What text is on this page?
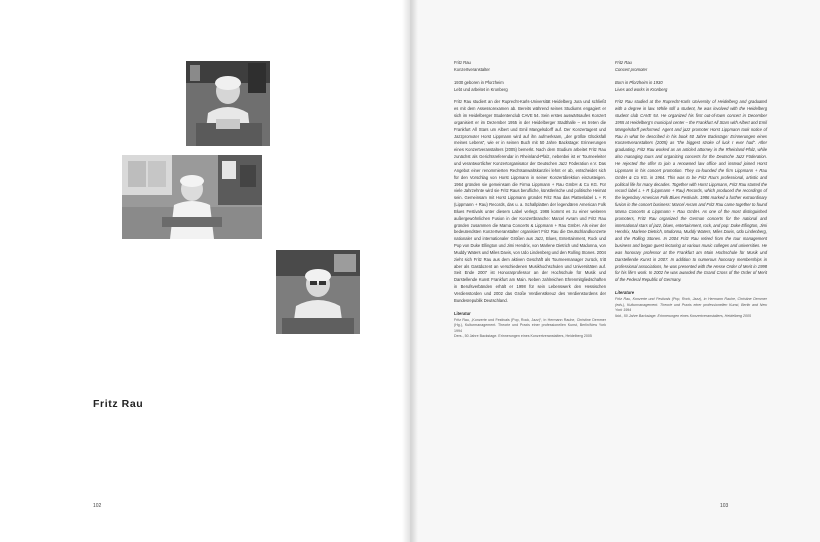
Fritz Rau
102

Fritz Rau

Konzertveranstalter

1930 geboren in Pforzheim

Lebt und arbeitet in Kronberg

Fritz Rau studiert an der Ruprecht-Karls-Universität Heidelberg Jura und schließt es mit dem Assessorexamen ab. Bereits während seines Studiums engagiert er sich im Heidelberger Studentenclub CAVE 54. Sein erstes auswärtsaufes Konzert organisiert er im Dezember 1955 in der Heidelberger Stadthalle – es treten die Frankfurt All Stars um Albert und Emil Mangelsdorff auf. Der Konzertagent und Jazzpromoter Horst Lippmann wird auf ihn aufmerksam, „der größte Glücksfall meines Lebens“, wie er in seinen Buch mit 50 Jahre Backstage: Erinnerungen eines Konzertveranstalters (2005) bemerkt. Nach dem Studium arbeitet Fritz Rau zunächst als Gerichtsreferendar in Rheinland-Pfalz, nebenbei ist er Tourneeleiter und verantwortlicher Konzertorganisator der Deutschen Jazz Föderation e.V. Das Angebot einer renommierten Rechtsanwaltskanzlei lehnt er ab, entscheidet sich für den Vorschlag von Horst Lippmann in seiner Konzertdirektion einzusteigen. 1964 gründen sie gemeinsam die Firma Lippmann + Rau GmbH & Co KG. Für viele Jahrzehnte wird sie Fritz Raus berufliche, künstlerische und politische Heimat sein. Gemeinsam mit Horst Lippmann gründet Fritz Rau das Plattenlabel L + R (Lippmann + Rau) Records, das u. a. Schallplatten der legendären American Folk Blues Festivals unter diesem Label verlegt. 1986 kommt es zu einer weiteren außergewöhnlichen Fusion in der Konzertbranche: Marcel Avram und Fritz Rau gründen zusammen die Mama Concerts & Lippmann + Rau GmbH. Als einer der bedeutendsten Konzertveranstalter organisiert Fritz Rau die Deutschlandkonzerte nationaler und internationaler Größen aus Jazz, Blues, Entertainment, Rock und Pop von Duke Ellington und Jimi Hendrix, von Marlene Dietrich und Madonna, von Muddy Waters und Miles Davis, von Udo Lindenberg und den Rolling Stones. 2004 zieht sich Fritz Rau aus dem aktiven Geschäft als Tourneemanager zurück, tritt aber als Gastdozent an verschiedenen Musikhochschulen und Universitäten auf. Seit Ende 2007 ist Honorarprofessor an der Hochschule für Musik und Darstellende Kunst Frankfurt am Main. Neben zahlreichen Ehrenmitgliedschaften in Berufsverbänden erhält er 1998 für sein Lebenswerk den Hessischen Verdienstorden und 2002 das Große Verdienstkreuz des Verdienstordens der Bundesrepublik Deutschland.

Literatur

Fritz Rau, „Konzerte und Festivals (Pop, Rock, Jazz)“, in Hermann Rauhe, Christine Demmer (Hg.), Kulturmanagement. Theorie und Praxis einer professionellen Kunst, Berlin/New York 1994

Ders., 50 Jahre Backstage. Erinnerungen eines Konzertveranstalters, Heidelberg 2005

Fritz Rau

Concert promoter

Born in Pforzheim in 1930

Lives and works in Kronberg

Fritz Rau studied at the Ruprecht-Karls University of Heidelberg and graduated with a degree in law. While still a student, he was involved with the Heidelberg student club CAVE 54. He organized his first out-of-town concert in December 1955 at Heidelberg’s municipal center – the Frankfurt All Stars with Albert and Emil Mangelsdorff performed. Agent and jazz promoter Horst Lippmann took notice of Rau in what he described in his book 50 Jahre Backstage: Erinnerungen eines Konzertveranstalters (2005) as “the biggest stroke of luck I ever had”. After graduating, Fritz Rau worked as an articled attorney in the Rheinland-Pfalz, while also managing tours and organizing concerts for the Deutsche Jazz Föderation. He rejected the offer to join a renowned law office and instead joined Horst Lippmann in his concert promotion. They co-founded the firm Lippmann + Rau GmbH & Co KG. in 1964. This was to be Fritz Rau’s professional, artistic and political life for many decades. Together with Horst Lippmann, Fritz Rau started the record label L + R (Lippmann + Rau) Records, which produced the recordings of the legendary American Folk Blues Festivals. 1986 marked a further extraordinary fusion in the concert business: Marcel Avram and Fritz Rau came together to found Mama Concerts & Lippmann + Rau GmbH. As one of the most distinguished promoters, Fritz Rau organized the German concerts for the national and international stars of jazz, blues, entertainment, rock, and pop: Duke Ellington, Jimi Hendrix, Marlene Dietrich, Madonna, Muddy Waters, Miles Davis, Udo Lindenberg, and the Rolling Stones. In 2004 Fritz Rau retired from the tour management business and began guest lecturing at various music colleges and universities. He was honorary professor at the Frankfurt am Main Hochschule für Musik und Darstellende Kunst in 2007. In addition to numerous honorary memberships in professional associations, he was presented with the Hesse Order of Merit in 1998 for his life’s work. In 2002 he was awarded the Grand Cross of the Order of Merit of the Federal Republic of Germany.

Literature

Fritz Rau, Konzerte und Festivals (Pop, Rock, Jazz), in Hermann Rauhe, Christine Demmer (eds.), Kulturmanagement. Theorie und Praxis einer professionellen Kunst, Berlin and New York 1994

Ibid., 50 Jahre Backstage. Erinnerungen eines Konzertveranstalters, Heidelberg 2005

103
